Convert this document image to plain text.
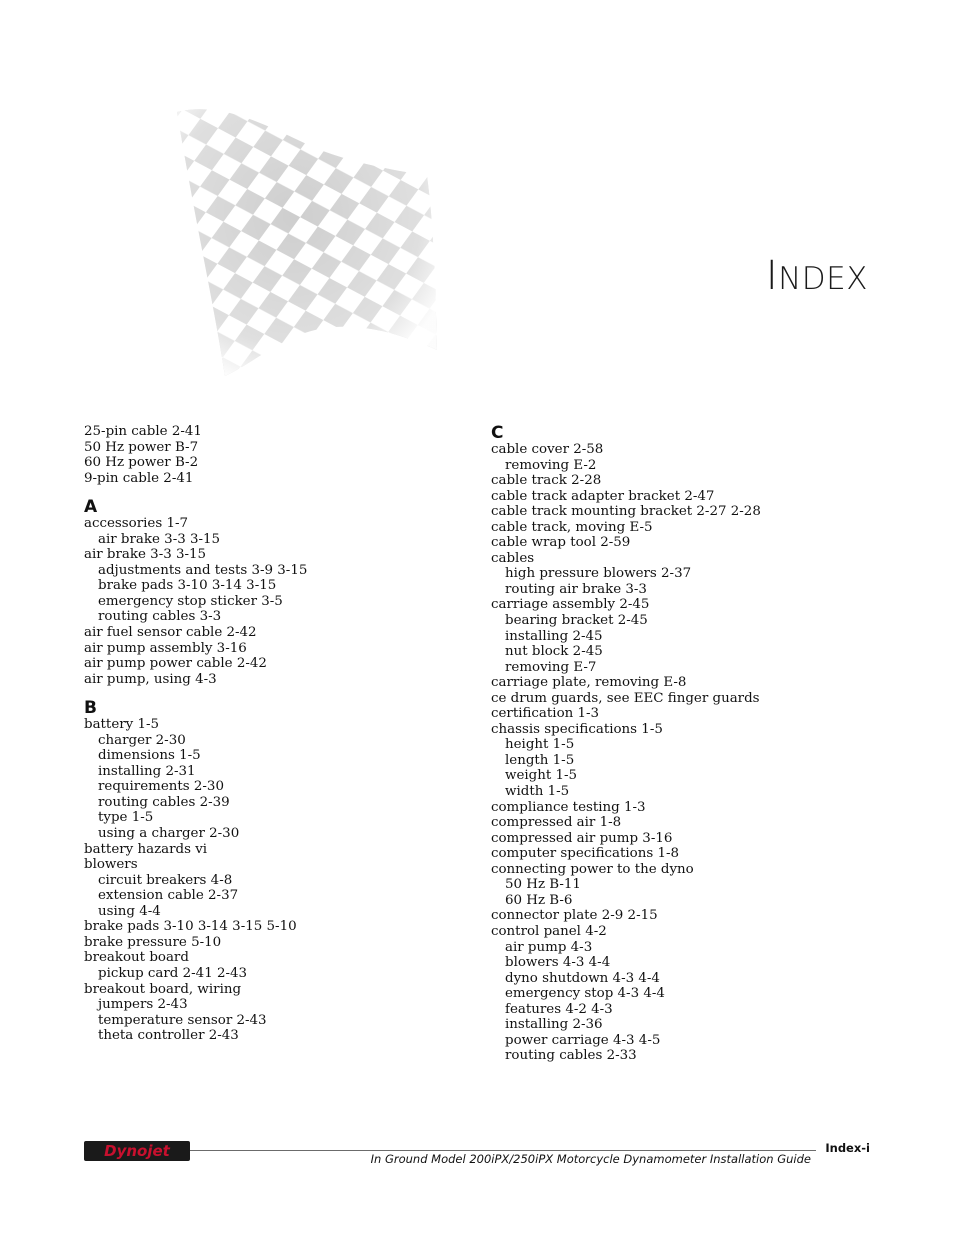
INDEX
25-pin cable 2-41
50 Hz power B-7
60 Hz power B-2
9-pin cable 2-41
A
accessories 1-7
air brake 3-3 3-15
air brake 3-3 3-15
adjustments and tests 3-9 3-15
brake pads 3-10 3-14 3-15
emergency stop sticker 3-5
routing cables 3-3
air fuel sensor cable 2-42
air pump assembly 3-16
air pump power cable 2-42
air pump, using 4-3
B
battery 1-5
charger 2-30
dimensions 1-5
installing 2-31
requirements 2-30
routing cables 2-39
type 1-5
using a charger 2-30
battery hazards vi
blowers
circuit breakers 4-8
extension cable 2-37
using 4-4
brake pads 3-10 3-14 3-15 5-10
brake pressure 5-10
breakout board
pickup card 2-41 2-43
breakout board, wiring
jumpers 2-43
temperature sensor 2-43
theta controller 2-43
C
cable cover 2-58
removing E-2
cable track 2-28
cable track adapter bracket 2-47
cable track mounting bracket 2-27 2-28
cable track, moving E-5
cable wrap tool 2-59
cables
high pressure blowers 2-37
routing air brake 3-3
carriage assembly 2-45
bearing bracket 2-45
installing 2-45
nut block 2-45
removing E-7
carriage plate, removing E-8
ce drum guards, see EEC finger guards
certification 1-3
chassis specifications 1-5
height 1-5
length 1-5
weight 1-5
width 1-5
compliance testing 1-3
compressed air 1-8
compressed air pump 3-16
computer specifications 1-8
connecting power to the dyno
50 Hz B-11
60 Hz B-6
connector plate 2-9 2-15
control panel 4-2
air pump 4-3
blowers 4-3 4-4
dyno shutdown 4-3 4-4
emergency stop 4-3 4-4
features 4-2 4-3
installing 2-36
power carriage 4-3 4-5
routing cables 2-33
Dynojet	Index-i
In Ground Model 200iPX/250iPX Motorcycle Dynamometer Installation Guide
